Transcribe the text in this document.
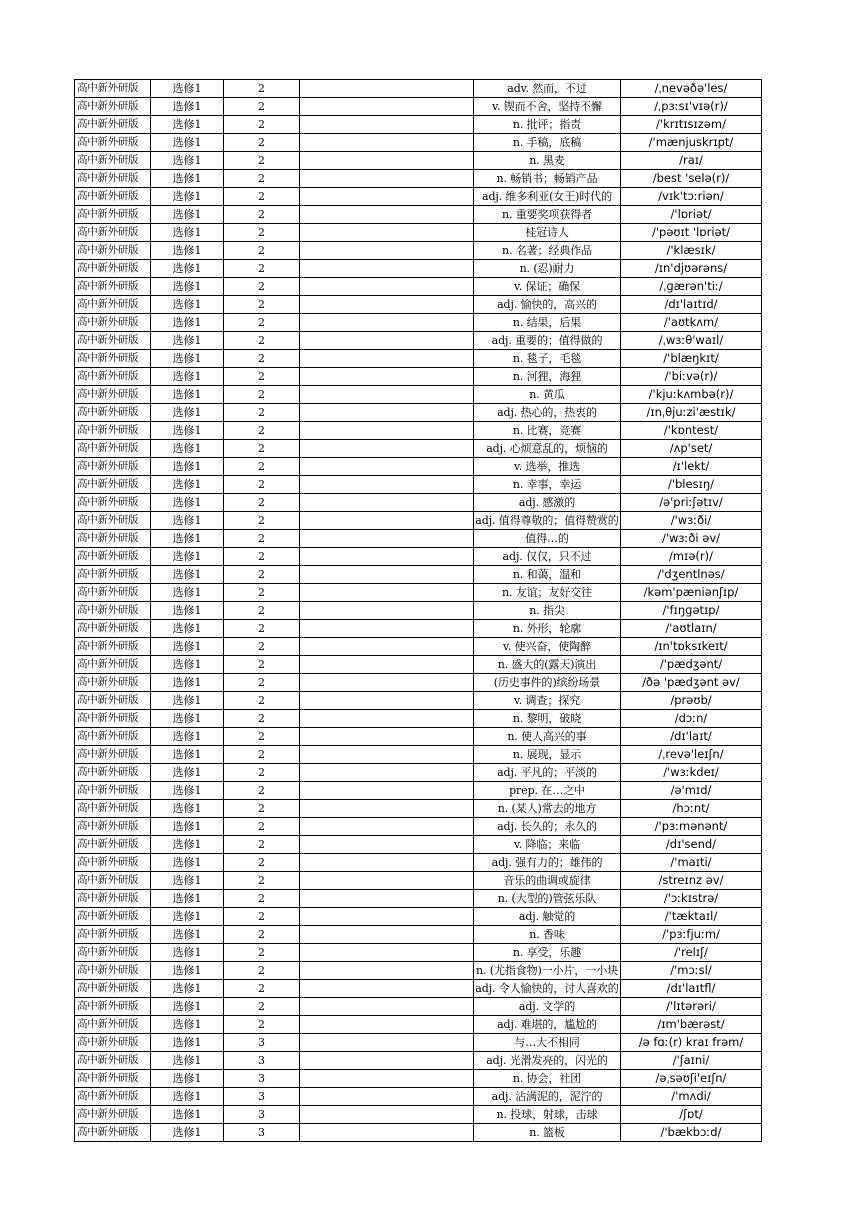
高中新外研版	选修1	2		adv. 然而，不过	/ˌnevəðə'les/
高中新外研版	选修1	2		v. 锲而不舍，坚持不懈	/ˌpɜːsɪ'vɪə(r)/
高中新外研版	选修1	2		n. 批评；指责	/'krɪtɪsɪzəm/
高中新外研版	选修1	2		n. 手稿，底稿	/'mænjuskrɪpt/
高中新外研版	选修1	2		n. 黑麦	/raɪ/
高中新外研版	选修1	2		n. 畅销书；畅销产品	/best 'selə(r)/
高中新外研版	选修1	2		adj. 维多利亚(女王)时代的	/vɪk'tɔːriən/
高中新外研版	选修1	2		n. 重要奖项获得者	/'lɒriət/
高中新外研版	选修1	2		桂冠诗人	/'pəʊɪt 'lɒriət/
高中新外研版	选修1	2		n. 名著；经典作品	/'klæsɪk/
高中新外研版	选修1	2		n. (忍)耐力	/ɪn'djʊərəns/
高中新外研版	选修1	2		v. 保证；确保	/ˌɡærən'tiː/
高中新外研版	选修1	2		adj. 愉快的，高兴的	/dɪ'laɪtɪd/
高中新外研版	选修1	2		n. 结果，后果	/'aʊtkʌm/
高中新外研版	选修1	2		adj. 重要的；值得做的	/ˌwɜːθ'waɪl/
高中新外研版	选修1	2		n. 毯子，毛毯	/'blæŋkɪt/
高中新外研版	选修1	2		n. 河狸，海狸	/'biːvə(r)/
高中新外研版	选修1	2		n. 黄瓜	/'kjuːkʌmbə(r)/
高中新外研版	选修1	2		adj. 热心的，热衷的	/ɪnˌθjuːzi'æstɪk/
高中新外研版	选修1	2		n. 比赛，竞赛	/'kɒntest/
高中新外研版	选修1	2		adj. 心烦意乱的，烦恼的	/ʌp'set/
高中新外研版	选修1	2		v. 选举，推选	/ɪ'lekt/
高中新外研版	选修1	2		n. 幸事，幸运	/'blesɪŋ/
高中新外研版	选修1	2		adj. 感激的	/ə'priːʃətɪv/
高中新外研版	选修1	2		adj. 值得尊敬的；值得赞赏的	/'wɜːði/
高中新外研版	选修1	2		值得…的	/'wɜːði əv/
高中新外研版	选修1	2		adj. 仅仅，只不过	/mɪə(r)/
高中新外研版	选修1	2		n. 和蔼，温和	/'dʒentlnəs/
高中新外研版	选修1	2		n. 友谊；友好交往	/kəm'pæniənʃɪp/
高中新外研版	选修1	2		n. 指尖	/'fɪŋɡətɪp/
高中新外研版	选修1	2		n. 外形，轮廓	/'aʊtlaɪn/
高中新外研版	选修1	2		v. 使兴奋，使陶醉	/ɪn'tɒksɪkeɪt/
高中新外研版	选修1	2		n. 盛大的(露天)演出	/'pædʒənt/
高中新外研版	选修1	2		(历史事件的)缤纷场景	/ðə 'pædʒənt əv/
高中新外研版	选修1	2		v. 调查；探究	/prəʊb/
高中新外研版	选修1	2		n. 黎明，破晓	/dɔːn/
高中新外研版	选修1	2		n. 使人高兴的事	/dɪ'laɪt/
高中新外研版	选修1	2		n. 展现，显示	/ˌrevə'leɪʃn/
高中新外研版	选修1	2		adj. 平凡的；平淡的	/'wɜːkdeɪ/
高中新外研版	选修1	2		prep. 在…之中	/ə'mɪd/
高中新外研版	选修1	2		n. (某人)常去的地方	/hɔːnt/
高中新外研版	选修1	2		adj. 长久的；永久的	/'pɜːmənənt/
高中新外研版	选修1	2		v. 降临；来临	/dɪ'send/
高中新外研版	选修1	2		adj. 强有力的；雄伟的	/'maɪti/
高中新外研版	选修1	2		音乐的曲调或旋律	/streɪnz əv/
高中新外研版	选修1	2		n. (大型的)管弦乐队	/'ɔːkɪstrə/
高中新外研版	选修1	2		adj. 触觉的	/'tæktaɪl/
高中新外研版	选修1	2		n. 香味	/'pɜːfjuːm/
高中新外研版	选修1	2		n. 享受，乐趣	/'relɪʃ/
高中新外研版	选修1	2		n. (尤指食物)一小片，一小块	/'mɔːsl/
高中新外研版	选修1	2		adj. 令人愉快的，讨人喜欢的	/dɪ'laɪtfl/
高中新外研版	选修1	2		adj. 文学的	/'lɪtərəri/
高中新外研版	选修1	2		adj. 难堪的，尴尬的	/ɪm'bærəst/
高中新外研版	选修1	3		与…大不相同	/ə fɑː(r) kraɪ frəm/
高中新外研版	选修1	3		adj. 光滑发亮的，闪光的	/'ʃaɪni/
高中新外研版	选修1	3		n. 协会，社团	/əˌsəʊʃi'eɪʃn/
高中新外研版	选修1	3		adj. 沾满泥的，泥泞的	/'mʌdi/
高中新外研版	选修1	3		n. 投球，射球，击球	/ʃɒt/
高中新外研版	选修1	3		n. 篮板	/'bækbɔːd/
